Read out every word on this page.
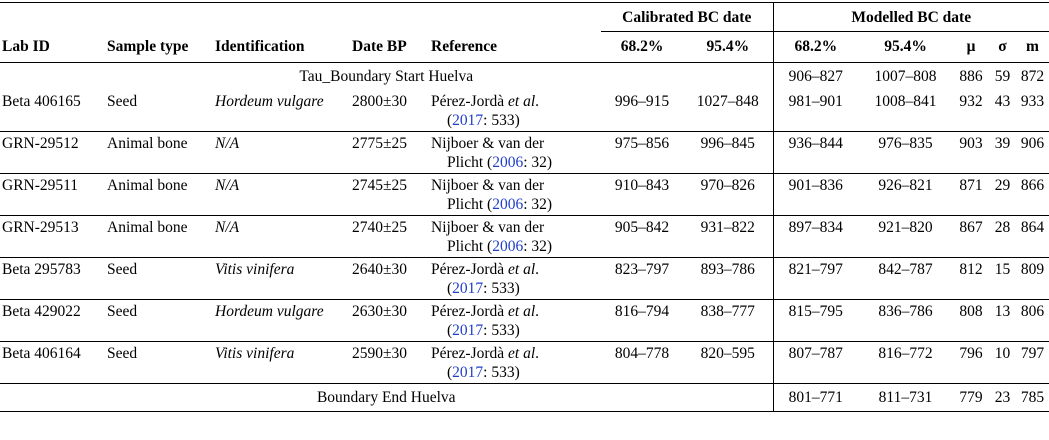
					Calibrated BC date		Modelled BC date				
Lab ID	Sample type	Identification	Date BP	Reference	68.2%	95.4%	68.2%	95.4%	μ	σ	m

Tau_Boundary Start Huelva							906–827	1007–808	886	59	872
Beta 406165	Seed	Hordeum vulgare	2800±30	Pérez-Jordà et al.	996–915	1027–848	981–901	1008–841	932	43	933
				(2017: 533)							
GRN-29512	Animal bone	N/A	2775±25	Nijboer & van der	975–856	996–845	936–844	976–835	903	39	906
				Plicht (2006: 32)							
GRN-29511	Animal bone	N/A	2745±25	Nijboer & van der	910–843	970–826	901–836	926–821	871	29	866
				Plicht (2006: 32)							
GRN-29513	Animal bone	N/A	2740±25	Nijboer & van der	905–842	931–822	897–834	921–820	867	28	864
				Plicht (2006: 32)							
Beta 295783	Seed	Vitis vinifera	2640±30	Pérez-Jordà et al.	823–797	893–786	821–797	842–787	812	15	809
				(2017: 533)							
Beta 429022	Seed	Hordeum vulgare	2630±30	Pérez-Jordà et al.	816–794	838–777	815–795	836–786	808	13	806
				(2017: 533)							
Beta 406164	Seed	Vitis vinifera	2590±30	Pérez-Jordà et al.	804–778	820–595	807–787	816–772	796	10	797
				(2017: 533)							
Boundary End Huelva							801–771	811–731	779	23	785
